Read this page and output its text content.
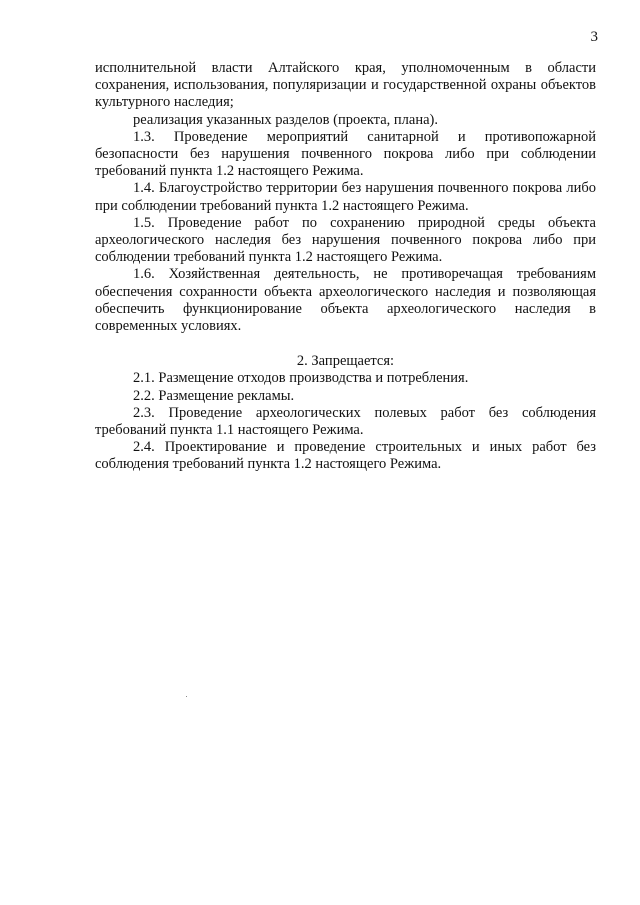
3

исполнительной власти Алтайского края, уполномоченным в области сохранения, использования, популяризации и государственной охраны объектов культурного наследия;

реализация указанных разделов (проекта, плана).

1.3. Проведение мероприятий санитарной и противопожарной безопасности без нарушения почвенного покрова либо при соблюдении требований пункта 1.2 настоящего Режима.

1.4. Благоустройство территории без нарушения почвенного покрова либо при соблюдении требований пункта 1.2 настоящего Режима.

1.5. Проведение работ по сохранению природной среды объекта археологического наследия без нарушения почвенного покрова либо при соблюдении требований пункта 1.2 настоящего Режима.

1.6. Хозяйственная деятельность, не противоречащая требованиям обеспечения сохранности объекта археологического наследия и позволяющая обеспечить функционирование объекта археологического наследия в современных условиях.

2. Запрещается:

2.1. Размещение отходов производства и потребления.

2.2. Размещение рекламы.

2.3. Проведение археологических полевых работ без соблюдения требований пункта 1.1 настоящего Режима.

2.4. Проектирование и проведение строительных и иных работ без соблюдения требований пункта 1.2 настоящего Режима.
